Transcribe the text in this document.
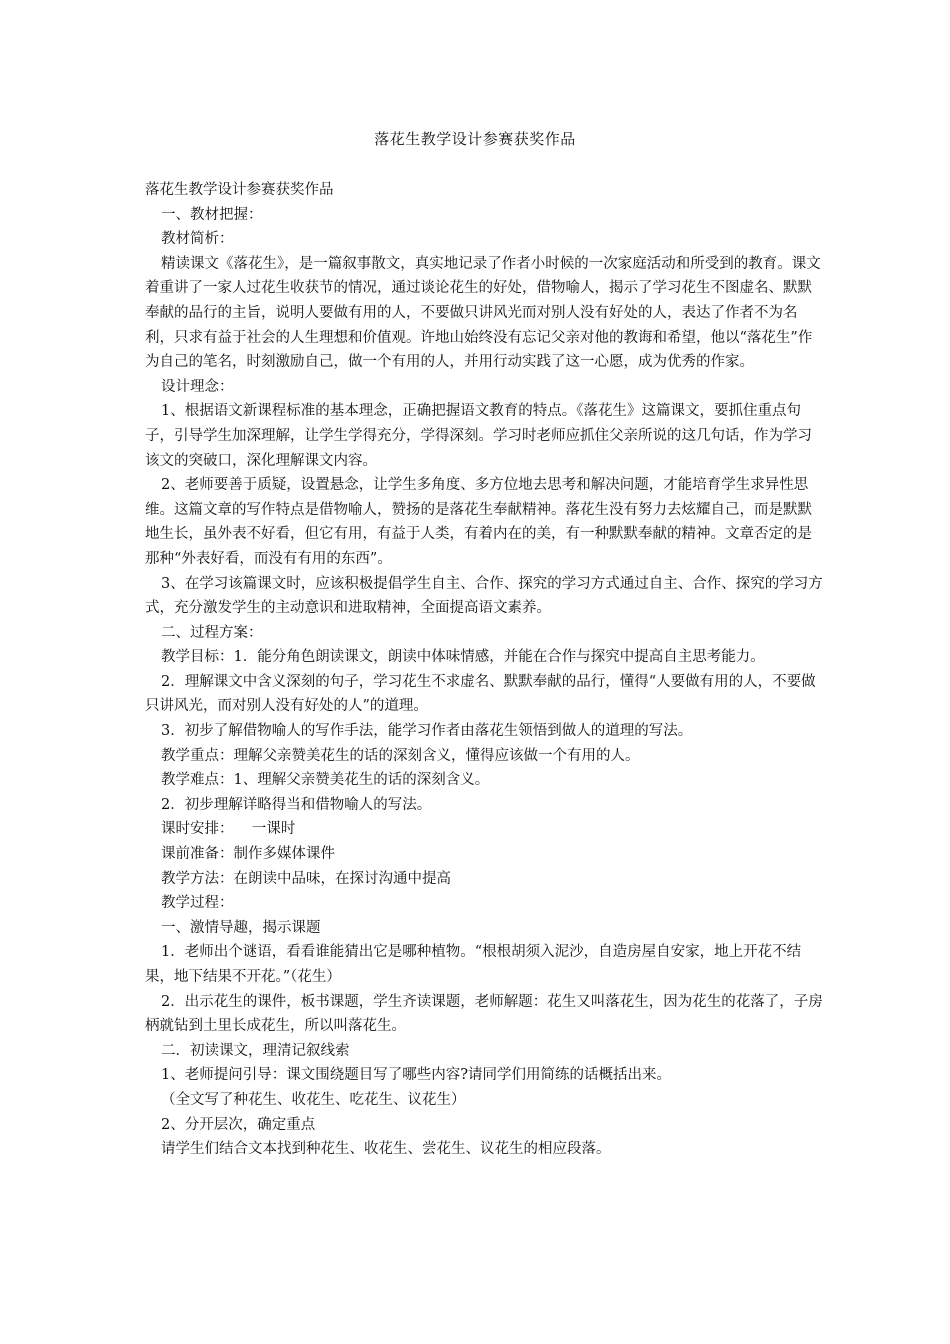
落花生教学设计参赛获奖作品

落花生教学设计参赛获奖作品

一、教材把握：

教材简析：

精读课文《落花生》，是一篇叙事散文，真实地记录了作者小时候的一次家庭活动和所受到的教育。课文着重讲了一家人过花生收获节的情况，通过谈论花生的好处，借物喻人，揭示了学习花生不图虚名、默默奉献的品行的主旨，说明人要做有用的人，不要做只讲风光而对别人没有好处的人，表达了作者不为名利，只求有益于社会的人生理想和价值观。许地山始终没有忘记父亲对他的教诲和希望，他以“落花生”作为自己的笔名，时刻激励自己，做一个有用的人，并用行动实践了这一心愿，成为优秀的作家。

设计理念：

1、根据语文新课程标准的基本理念，正确把握语文教育的特点。《落花生》这篇课文，要抓住重点句子，引导学生加深理解，让学生学得充分，学得深刻。学习时老师应抓住父亲所说的这几句话，作为学习该文的突破口，深化理解课文内容。

2、老师要善于质疑，设置悬念，让学生多角度、多方位地去思考和解决问题，才能培育学生求异性思维。这篇文章的写作特点是借物喻人，赞扬的是落花生奉献精神。落花生没有努力去炫耀自己，而是默默地生长，虽外表不好看，但它有用，有益于人类，有着内在的美，有一种默默奉献的精神。文章否定的是那种“外表好看，而没有有用的东西”。

3、在学习该篇课文时，应该积极提倡学生自主、合作、探究的学习方式通过自主、合作、探究的学习方式，充分激发学生的主动意识和进取精神，全面提高语文素养。

二、过程方案：

教学目标：1．能分角色朗读课文，朗读中体味情感，并能在合作与探究中提高自主思考能力。

2．理解课文中含义深刻的句子，学习花生不求虚名、默默奉献的品行，懂得“人要做有用的人，不要做只讲风光，而对别人没有好处的人”的道理。

3．初步了解借物喻人的写作手法，能学习作者由落花生领悟到做人的道理的写法。

教学重点：理解父亲赞美花生的话的深刻含义，懂得应该做一个有用的人。

教学难点：1、理解父亲赞美花生的话的深刻含义。

2．初步理解详略得当和借物喻人的写法。

课时安排：    一课时

课前准备：制作多媒体课件

教学方法：在朗读中品味，在探讨沟通中提高

教学过程：

一、激情导趣，揭示课题

1．老师出个谜语，看看谁能猜出它是哪种植物。“根根胡须入泥沙，自造房屋自安家，地上开花不结果，地下结果不开花。”（花生）

2．出示花生的课件，板书课题，学生齐读课题，老师解题：花生又叫落花生，因为花生的花落了，子房柄就钻到土里长成花生，所以叫落花生。

二．初读课文，理清记叙线索

1、老师提问引导：课文围绕题目写了哪些内容?请同学们用简练的话概括出来。

（全文写了种花生、收花生、吃花生、议花生）

2、分开层次，确定重点

请学生们结合文本找到种花生、收花生、尝花生、议花生的相应段落。
